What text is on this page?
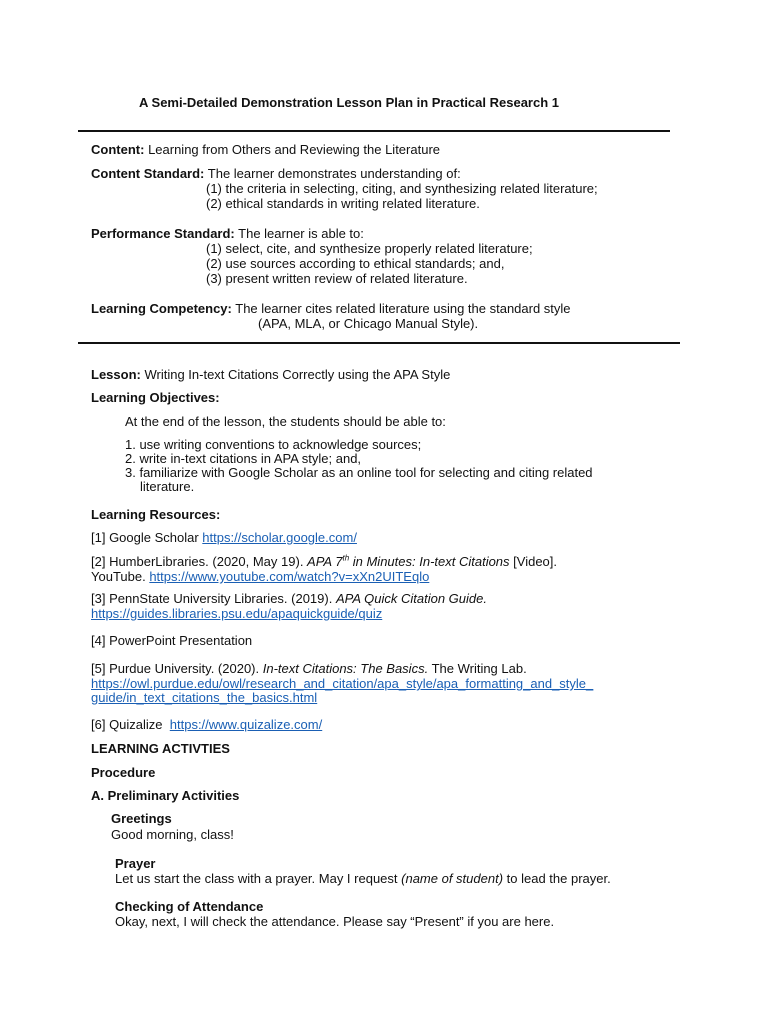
A Semi-Detailed Demonstration Lesson Plan in Practical Research 1
Content: Learning from Others and Reviewing the Literature
Content Standard: The learner demonstrates understanding of:
(1) the criteria in selecting, citing, and synthesizing related literature;
(2) ethical standards in writing related literature.
Performance Standard: The learner is able to:
(1) select, cite, and synthesize properly related literature;
(2) use sources according to ethical standards; and,
(3) present written review of related literature.
Learning Competency: The learner cites related literature using the standard style
(APA, MLA, or Chicago Manual Style).
Lesson: Writing In-text Citations Correctly using the APA Style
Learning Objectives:
At the end of the lesson, the students should be able to:
1. use writing conventions to acknowledge sources;
2. write in-text citations in APA style; and,
3. familiarize with Google Scholar as an online tool for selecting and citing related
literature.
Learning Resources:
[1] Google Scholar https://scholar.google.com/
[2] HumberLibraries. (2020, May 19). APA 7th in Minutes: In-text Citations [Video].
YouTube. https://www.youtube.com/watch?v=xXn2UITEqlo
[3] PennState University Libraries. (2019). APA Quick Citation Guide.
https://guides.libraries.psu.edu/apaquickguide/quiz
[4] PowerPoint Presentation
[5] Purdue University. (2020). In-text Citations: The Basics. The Writing Lab.
https://owl.purdue.edu/owl/research_and_citation/apa_style/apa_formatting_and_style_
guide/in_text_citations_the_basics.html
[6] Quizalize  https://www.quizalize.com/
LEARNING ACTIVTIES
Procedure
A. Preliminary Activities
Greetings
Good morning, class!
Prayer
Let us start the class with a prayer. May I request (name of student) to lead the prayer.
Checking of Attendance
Okay, next, I will check the attendance. Please say “Present” if you are here.
